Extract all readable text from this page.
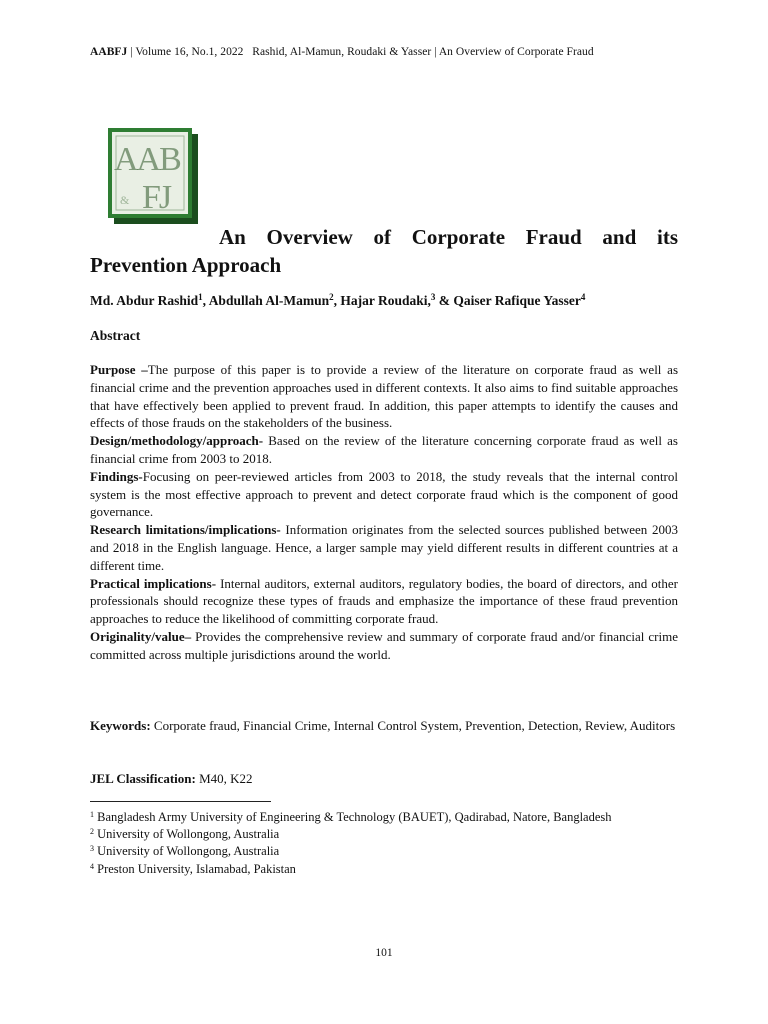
AABFJ | Volume 16, No.1, 2022 Rashid, Al-Mamun, Roudaki & Yasser | An Overview of Corporate Fraud
AAB
FJ
&
An Overview of Corporate Fraud and its Prevention Approach
Md. Abdur Rashid$^1$, Abdullah Al-Mamun$^2$, Hajar Roudaki,$^3$ & Qaiser Rafique Yasser$^4$
Abstract

Purpose –The purpose of this paper is to provide a review of the literature on corporate fraud as well as financial crime and the prevention approaches used in different contexts. It also aims to find suitable approaches that have effectively been applied to prevent fraud. In addition, this paper attempts to identify the causes and effects of those frauds on the stakeholders of the business.

Design/methodology/approach- Based on the review of the literature concerning corporate fraud as well as financial crime from 2003 to 2018.

Findings-Focusing on peer-reviewed articles from 2003 to 2018, the study reveals that the internal control system is the most effective approach to prevent and detect corporate fraud which is the component of good governance.

Research limitations/implications- Information originates from the selected sources published between 2003 and 2018 in the English language. Hence, a larger sample may yield different results in different countries at a different time.

Practical implications- Internal auditors, external auditors, regulatory bodies, the board of directors, and other professionals should recognize these types of frauds and emphasize the importance of these fraud prevention approaches to reduce the likelihood of committing corporate fraud.

Originality/value– Provides the comprehensive review and summary of corporate fraud and/or financial crime committed across multiple jurisdictions around the world.

Keywords: Corporate fraud, Financial Crime, Internal Control System, Prevention, Detection, Review, Auditors

JEL Classification: M40, K22

$^1$ Bangladesh Army University of Engineering & Technology (BAUET), Qadirabad, Natore, Bangladesh
$^2$ University of Wollongong, Australia
$^3$ University of Wollongong, Australia
$^4$ Preston University, Islamabad, Pakistan
101
